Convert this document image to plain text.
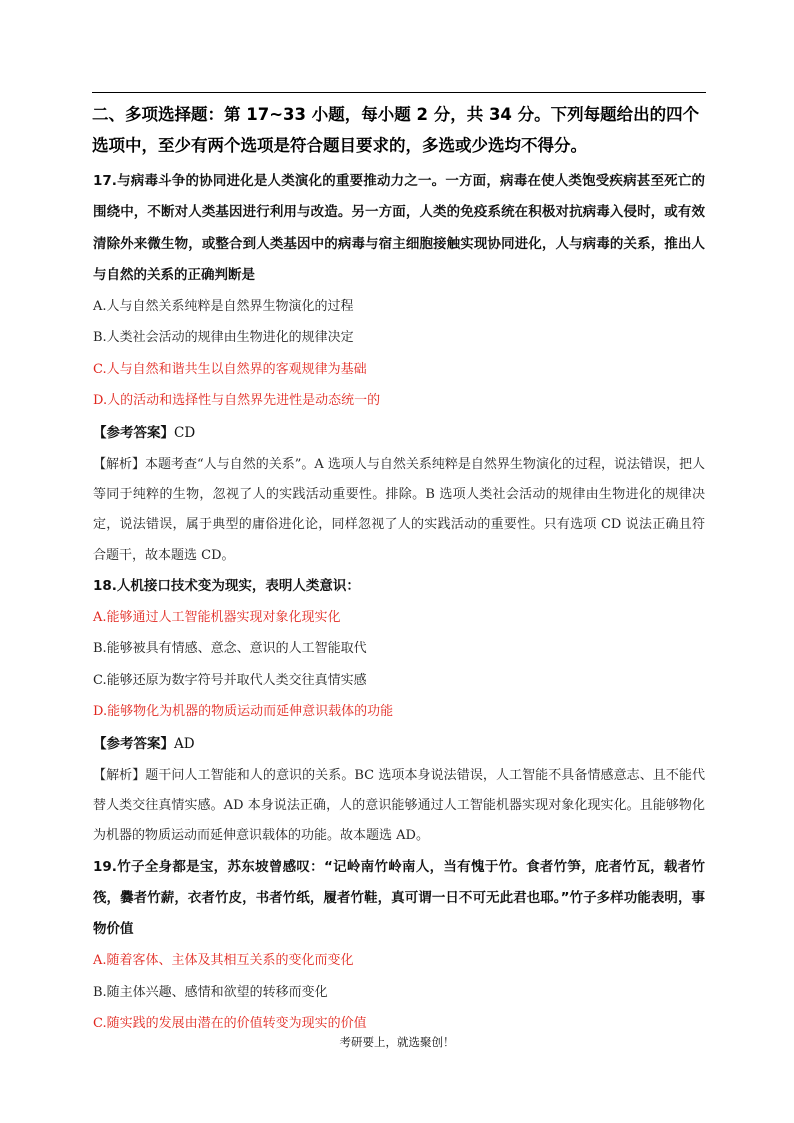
二、多项选择题：第 17~33 小题，每小题 2 分，共 34 分。下列每题给出的四个选项中，至少有两个选项是符合题目要求的，多选或少选均不得分。
17.与病毒斗争的协同进化是人类演化的重要推动力之一。一方面，病毒在使人类饱受疾病甚至死亡的围绕中，不断对人类基因进行利用与改造。另一方面，人类的免疫系统在积极对抗病毒入侵时，或有效清除外来微生物，或整合到人类基因中的病毒与宿主细胞接触实现协同进化，人与病毒的关系，推出人与自然的关系的正确判断是
A.人与自然关系纯粹是自然界生物演化的过程
B.人类社会活动的规律由生物进化的规律决定
C.人与自然和谐共生以自然界的客观规律为基础
D.人的活动和选择性与自然界先进性是动态统一的
【参考答案】CD
【解析】本题考查“人与自然的关系”。A 选项人与自然关系纯粹是自然界生物演化的过程，说法错误，把人等同于纯粹的生物，忽视了人的实践活动重要性。排除。B 选项人类社会活动的规律由生物进化的规律决定，说法错误，属于典型的庸俗进化论，同样忽视了人的实践活动的重要性。只有选项 CD 说法正确且符合题干，故本题选 CD。
18.人机接口技术变为现实，表明人类意识：
A.能够通过人工智能机器实现对象化现实化
B.能够被具有情感、意念、意识的人工智能取代
C.能够还原为数字符号并取代人类交往真情实感
D.能够物化为机器的物质运动而延伸意识载体的功能
【参考答案】AD
【解析】题干问人工智能和人的意识的关系。BC 选项本身说法错误，人工智能不具备情感意志、且不能代替人类交往真情实感。AD 本身说法正确，人的意识能够通过人工智能机器实现对象化现实化。且能够物化为机器的物质运动而延伸意识载体的功能。故本题选 AD。
19.竹子全身都是宝，苏东坡曾感叹：“记岭南竹岭南人，当有愧于竹。食者竹笋，庇者竹瓦，载者竹筏，爨者竹薪，衣者竹皮，书者竹纸，履者竹鞋，真可谓一日不可无此君也耶。”竹子多样功能表明，事物价值
A.随着客体、主体及其相互关系的变化而变化
B.随主体兴趣、感情和欲望的转移而变化
C.随实践的发展由潜在的价值转变为现实的价值
考研要上，就选聚创！
